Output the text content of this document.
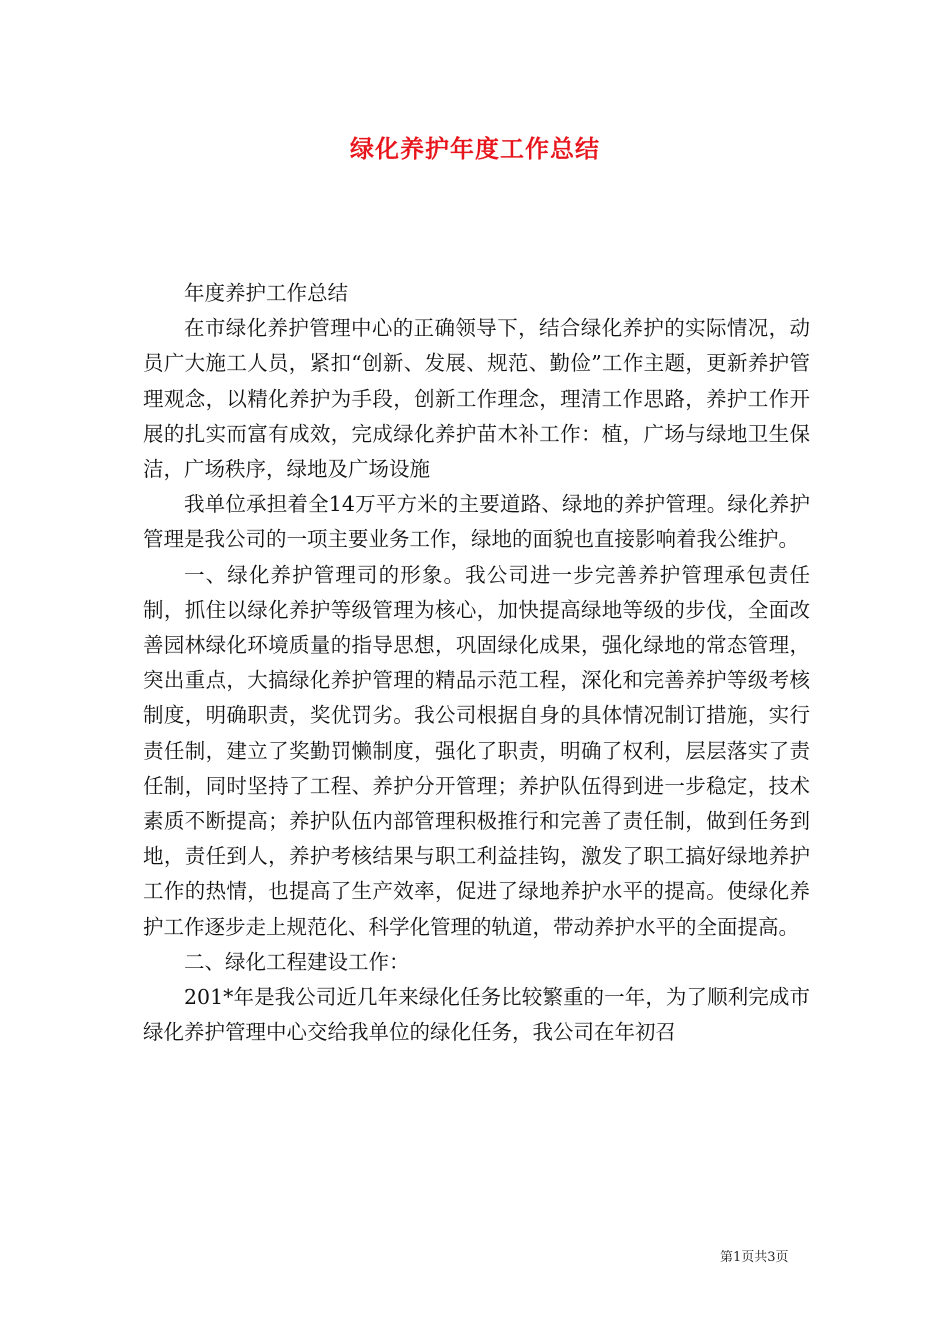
绿化养护年度工作总结

年度养护工作总结

在市绿化养护管理中心的正确领导下，结合绿化养护的实际情况，动员广大施工人员，紧扣“创新、发展、规范、勤俭”工作主题，更新养护管理观念，以精化养护为手段，创新工作理念，理清工作思路，养护工作开展的扎实而富有成效，完成绿化养护苗木补工作：植，广场与绿地卫生保洁，广场秩序，绿地及广场设施

我单位承担着全14万平方米的主要道路、绿地的养护管理。绿化养护管理是我公司的一项主要业务工作，绿地的面貌也直接影响着我公维护。

一、绿化养护管理司的形象。我公司进一步完善养护管理承包责任制，抓住以绿化养护等级管理为核心，加快提高绿地等级的步伐，全面改善园林绿化环境质量的指导思想，巩固绿化成果，强化绿地的常态管理，突出重点，大搞绿化养护管理的精品示范工程，深化和完善养护等级考核制度，明确职责，奖优罚劣。我公司根据自身的具体情况制订措施，实行责任制，建立了奖勤罚懒制度，强化了职责，明确了权利，层层落实了责任制，同时坚持了工程、养护分开管理；养护队伍得到进一步稳定，技术素质不断提高；养护队伍内部管理积极推行和完善了责任制，做到任务到地，责任到人，养护考核结果与职工利益挂钩，激发了职工搞好绿地养护工作的热情，也提高了生产效率，促进了绿地养护水平的提高。使绿化养护工作逐步走上规范化、科学化管理的轨道，带动养护水平的全面提高。

二、绿化工程建设工作：

201*年是我公司近几年来绿化任务比较繁重的一年，为了顺利完成市绿化养护管理中心交给我单位的绿化任务，我公司在年初召

第1页共3页
